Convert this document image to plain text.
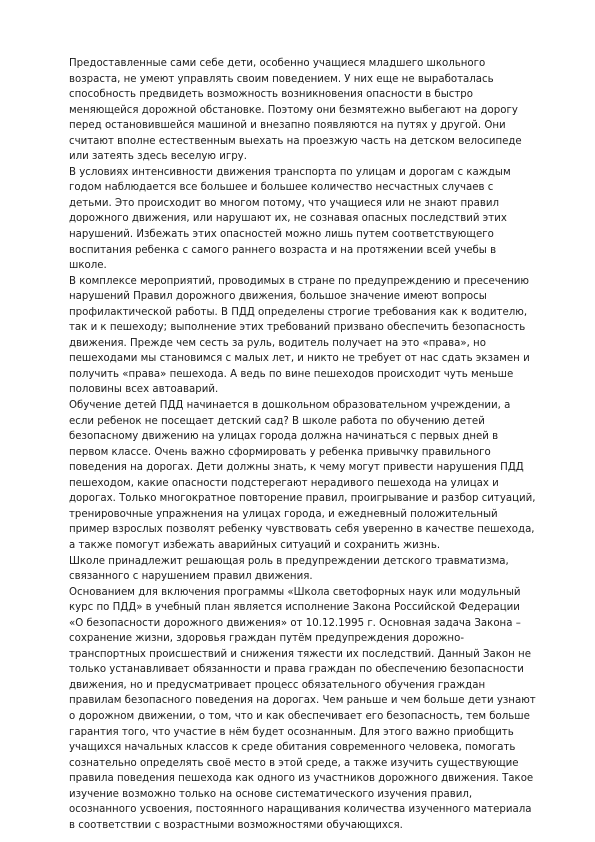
Предоставленные сами себе дети, особенно учащиеся младшего школьного возраста, не умеют управлять своим поведением. У них еще не выработалась способность предвидеть возможность возникновения опасности в быстро меняющейся дорожной обстановке. Поэтому они безмятежно выбегают на дорогу перед остановившейся машиной и внезапно появляются на путях у другой. Они считают вполне естественным выехать на проезжую часть на детском велосипеде или затеять здесь веселую игру.

В условиях интенсивности движения транспорта по улицам и дорогам с каждым годом наблюдается все большее и большее количество несчастных случаев с детьми. Это происходит во многом потому, что учащиеся или не знают правил дорожного движения, или нарушают их, не сознавая опасных последствий этих нарушений. Избежать этих опасностей можно лишь путем соответствующего воспитания ребенка с самого раннего возраста и на протяжении всей учебы в школе.

В комплексе мероприятий, проводимых в стране по предупреждению и пресечению нарушений Правил дорожного движения, большое значение имеют вопросы профилактической работы. В ПДД определены строгие требования как к водителю, так и к пешеходу; выполнение этих требований призвано обеспечить безопасность движения. Прежде чем сесть за руль, водитель получает на это «права», но пешеходами мы становимся с малых лет, и никто не требует от нас сдать экзамен и получить «права» пешехода. А ведь по вине пешеходов происходит чуть меньше половины всех автоаварий.

Обучение детей ПДД начинается в дошкольном образовательном учреждении, а если ребенок не посещает детский сад? В школе работа по обучению детей безопасному движению на улицах города должна начинаться с первых дней в первом классе. Очень важно сформировать у ребенка привычку правильного поведения на дорогах. Дети должны знать, к чему могут привести нарушения ПДД пешеходом, какие опасности подстерегают нерадивого пешехода на улицах и дорогах. Только многократное повторение правил, проигрывание и разбор ситуаций, тренировочные упражнения на улицах города, и ежедневный положительный пример взрослых позволят ребенку чувствовать себя уверенно в качестве пешехода, а также помогут избежать аварийных ситуаций и сохранить жизнь.

Школе принадлежит решающая роль в предупреждении детского травматизма, связанного с нарушением правил движения.

Основанием для включения программы «Школа светофорных наук или модульный курс по ПДД» в учебный план является исполнение Закона Российской Федерации «О безопасности дорожного движения» от 10.12.1995 г. Основная задача Закона – сохранение жизни, здоровья граждан путём предупреждения дорожно-транспортных происшествий и снижения тяжести их последствий. Данный Закон не только устанавливает обязанности и права граждан по обеспечению безопасности движения, но и предусматривает процесс обязательного обучения граждан правилам безопасного поведения на дорогах. Чем раньше и чем больше дети узнают о дорожном движении, о том, что и как обеспечивает его безопасность, тем больше гарантия того, что участие в нём будет осознанным. Для этого важно приобщить учащихся начальных классов к среде обитания современного человека, помогать сознательно определять своё место в этой среде, а также изучить существующие правила поведения пешехода как одного из участников дорожного движения. Такое изучение возможно только на основе систематического изучения правил, осознанного усвоения, постоянного наращивания количества изученного материала в соответствии с возрастными возможностями обучающихся.
